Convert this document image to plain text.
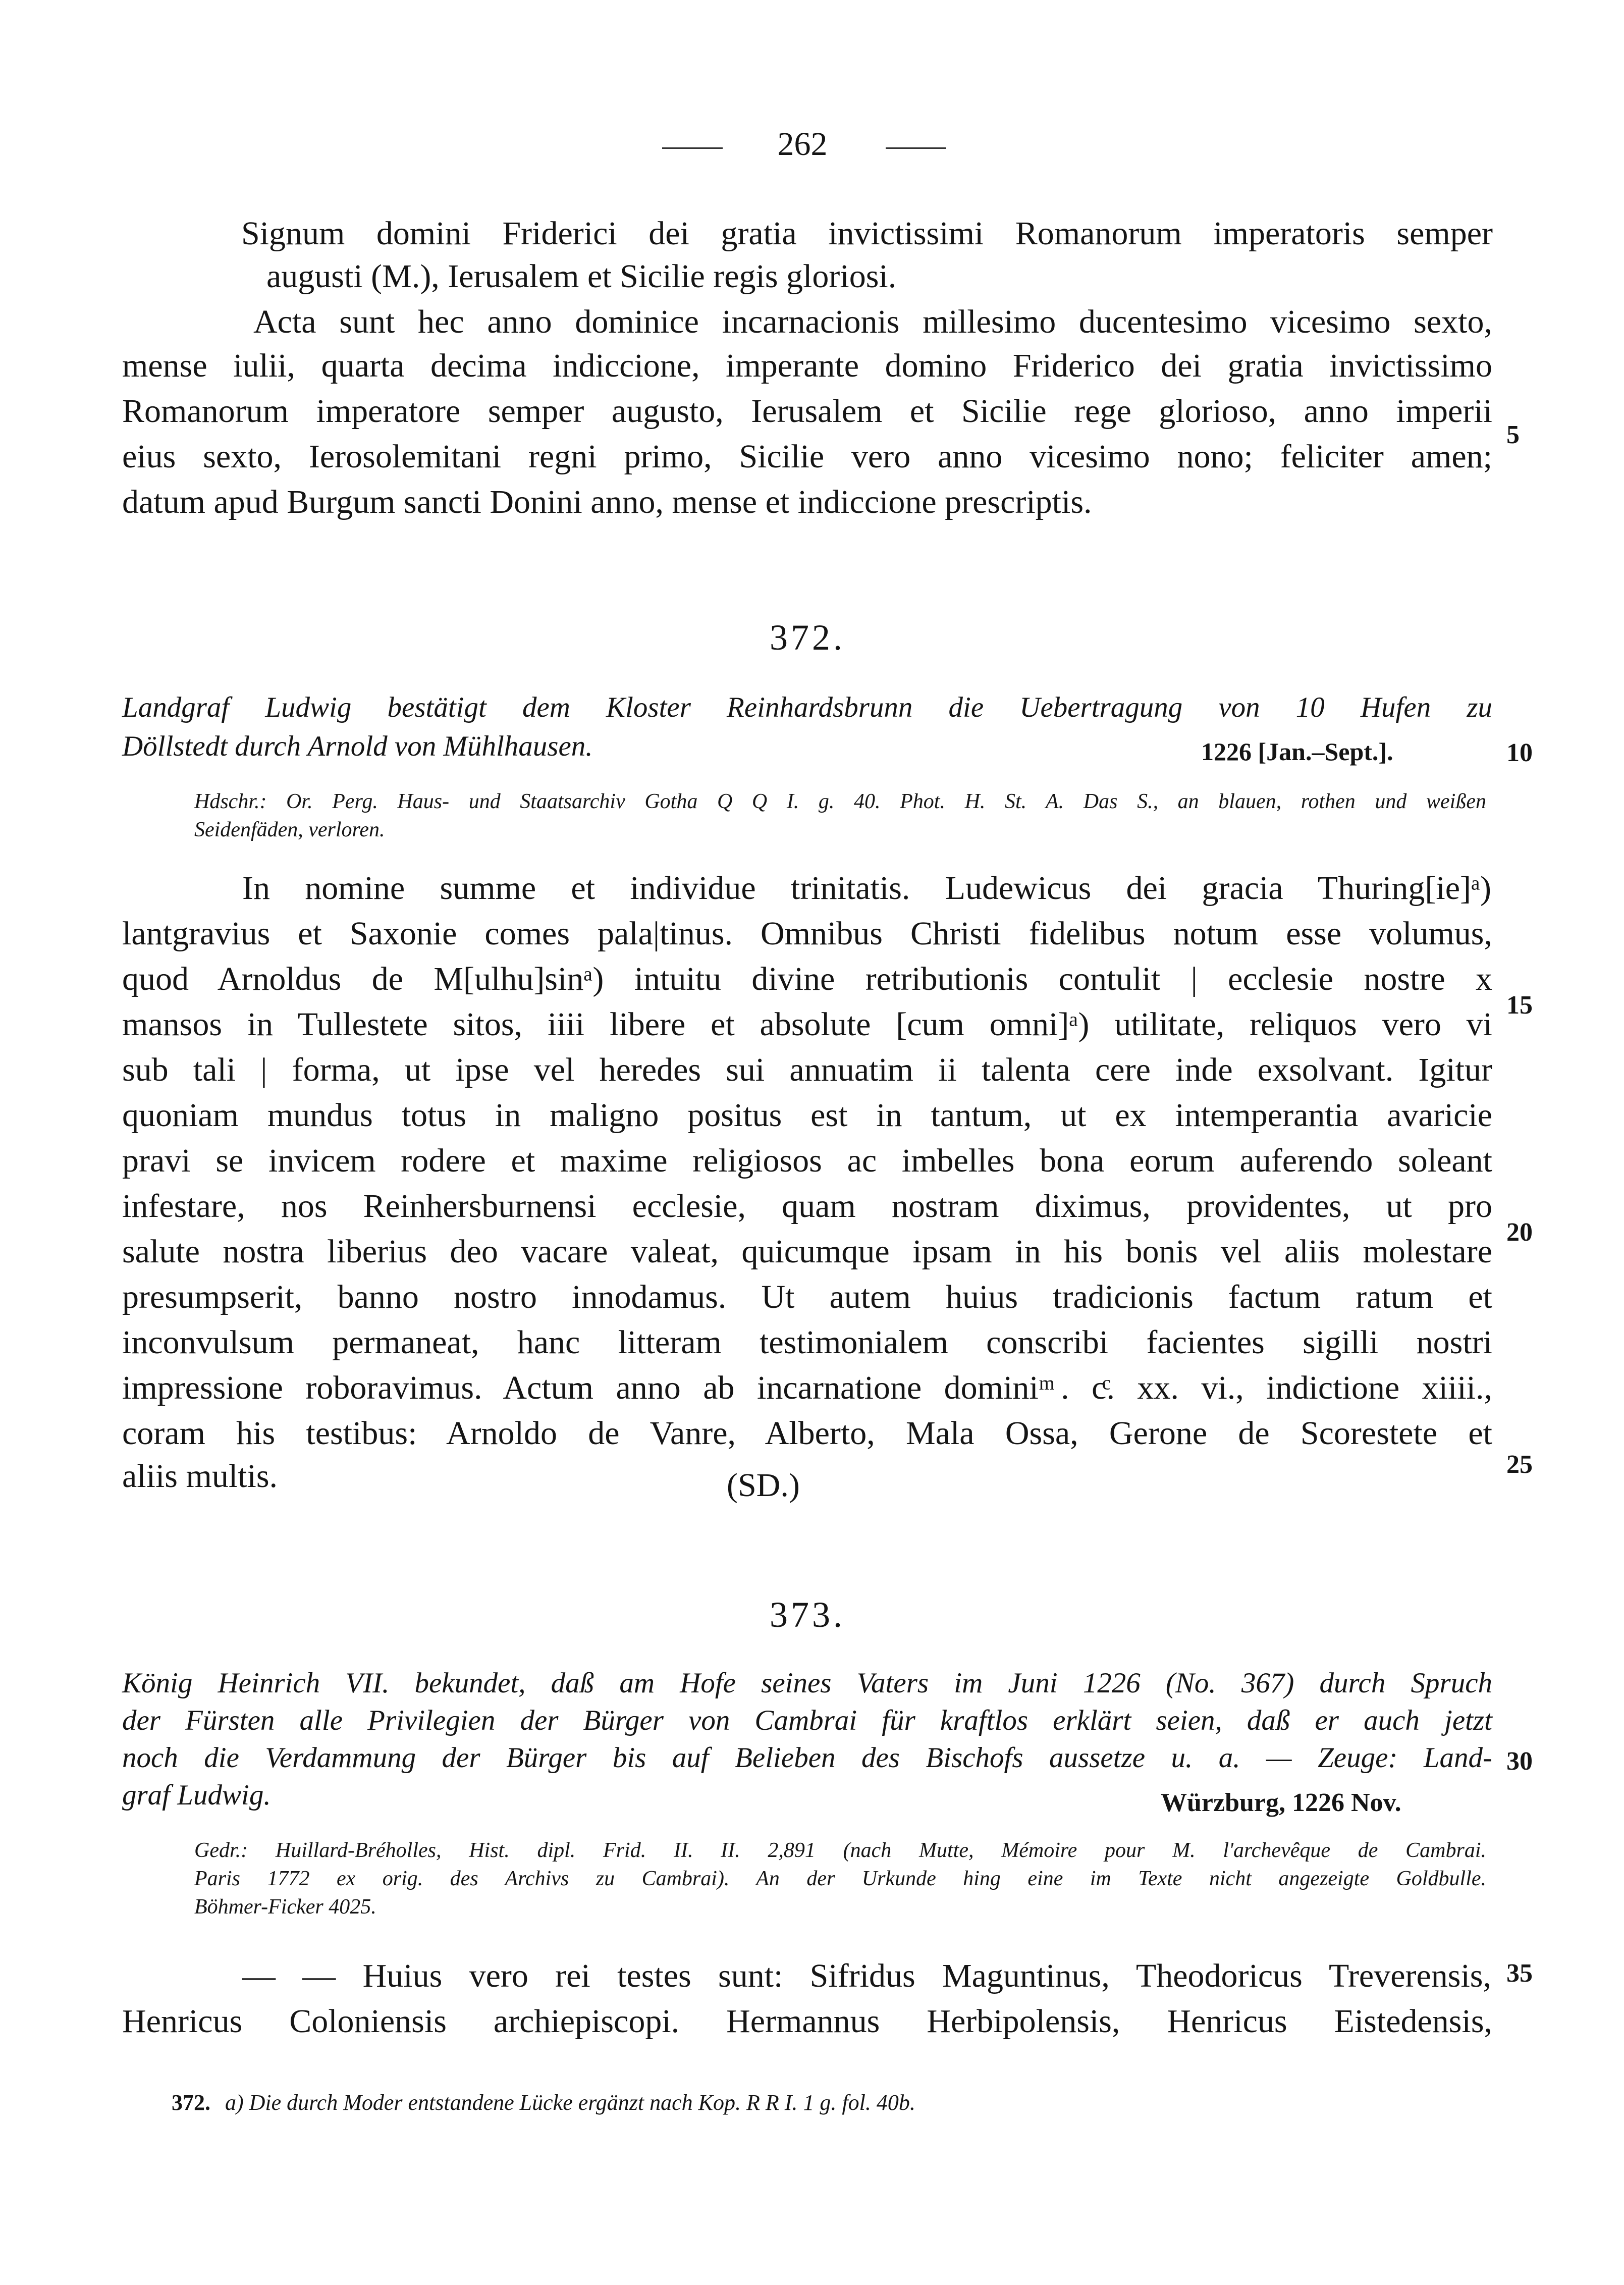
262
Signum domini Friderici dei gratia invictissimi Romanorum imperatoris semper
augusti (M.), Ierusalem et Sicilie regis gloriosi.
Acta sunt hec anno dominice incarnacionis millesimo ducentesimo vicesimo sexto,
mense iulii, quarta decima indiccione, imperante domino Friderico dei gratia invictissimo
Romanorum imperatore semper augusto, Ierusalem et Sicilie rege glorioso, anno imperii
eius sexto, Ierosolemitani regni primo, Sicilie vero anno vicesimo nono; feliciter amen;
datum apud Burgum sancti Donini anno, mense et indiccione prescriptis.
372.
Landgraf Ludwig bestätigt dem Kloster Reinhardsbrunn die Uebertragung von 10 Hufen zu
Döllstedt durch Arnold von Mühlhausen.	1226 [Jan.–Sept.].
Hdschr.: Or. Perg. Haus- und Staatsarchiv Gotha Q Q I. g. 40. Phot. H. St. A. Das S., an blauen, rothen und weißen
Seidenfäden, verloren.
In nomine summe et individue trinitatis. Ludewicus dei gracia Thuring[ie]ᵃ)
lantgravius et Saxonie comes pala|tinus. Omnibus Christi fidelibus notum esse volumus,
quod Arnoldus de M[ulhu]sinᵃ) intuitu divine retributionis contulit | ecclesie nostre x
mansos in Tullestete sitos, iiii libere et absolute [cum omni]ᵃ) utilitate, reliquos vero vi
sub tali | forma, ut ipse vel heredes sui annuatim ii talenta cere inde exsolvant. Igitur
quoniam mundus totus in maligno positus est in tantum, ut ex intemperantia avaricie
pravi se invicem rodere et maxime religiosos ac imbelles bona eorum auferendo soleant
infestare, nos Reinhersburnensi ecclesie, quam nostram diximus, providentes, ut pro
salute nostra liberius deo vacare valeat, quicumque ipsam in his bonis vel aliis molestare
presumpserit, banno nostro innodamus. Ut autem huius tradicionis factum ratum et
inconvulsum permaneat, hanc litteram testimonialem conscribi facientes sigilli nostri
impressione roboravimus. Actum anno ab incarnatione domini ͫ. cͨ. xx. vi., indictione xiiii.,
coram his testibus: Arnoldo de Vanre, Alberto, Mala Ossa, Gerone de Scorestete et
aliis multis.	(SD.)
373.
König Heinrich VII. bekundet, daß am Hofe seines Vaters im Juni 1226 (No. 367) durch Spruch
der Fürsten alle Privilegien der Bürger von Cambrai für kraftlos erklärt seien, daß er auch jetzt
noch die Verdammung der Bürger bis auf Belieben des Bischofs aussetze u. a. — Zeuge: Land-
graf Ludwig.	Würzburg, 1226 Nov.
Gedr.: Huillard-Bréholles, Hist. dipl. Frid. II. II. 2,891 (nach Mutte, Mémoire pour M. l'archevêque de Cambrai.
Paris 1772 ex orig. des Archivs zu Cambrai). An der Urkunde hing eine im Texte nicht angezeigte Goldbulle.
Böhmer-Ficker 4025.
— — Huius vero rei testes sunt: Sifridus Maguntinus, Theodoricus Treverensis,
Henricus Coloniensis archiepiscopi. Hermannus Herbipolensis, Henricus Eistedensis,
5
10
15
20
25
30
35
372. a) Die durch Moder entstandene Lücke ergänzt nach Kop. R R I. 1 g. fol. 40b.
